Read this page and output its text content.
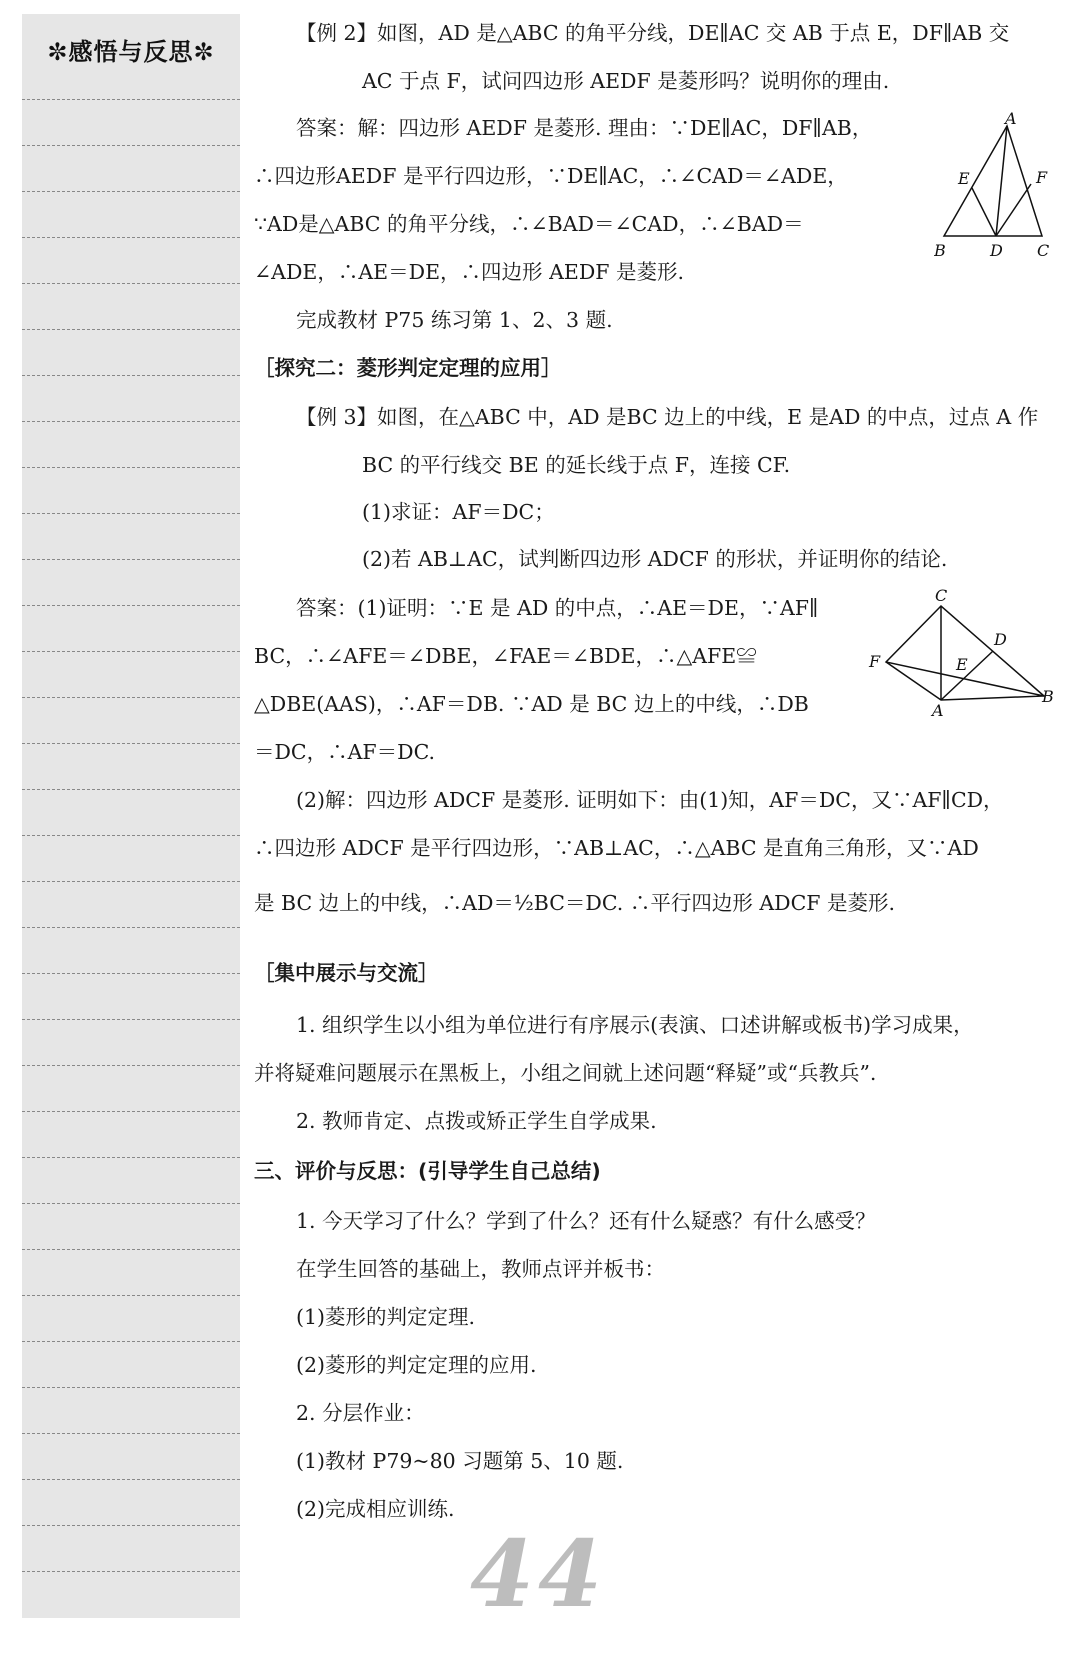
✼感悟与反思✼
【例 2】如图，AD 是△ABC 的角平分线，DE∥AC 交 AB 于点 E，DF∥AB 交
AC 于点 F，试问四边形 AEDF 是菱形吗？说明你的理由.
答案：解：四边形 AEDF 是菱形. 理由：∵DE∥AC，DF∥AB，
∴四边形AEDF 是平行四边形，∵DE∥AC，∴∠CAD＝∠ADE，
∵AD是△ABC 的角平分线，∴∠BAD＝∠CAD，∴∠BAD＝
∠ADE，∴AE＝DE，∴四边形 AEDF 是菱形.
完成教材 P75 练习第 1、2、3 题.
［探究二：菱形判定定理的应用］
【例 3】如图，在△ABC 中，AD 是BC 边上的中线，E 是AD 的中点，过点 A 作
BC 的平行线交 BE 的延长线于点 F，连接 CF.
(1)求证：AF＝DC；
(2)若 AB⊥AC，试判断四边形 ADCF 的形状，并证明你的结论.
答案：(1)证明：∵E 是 AD 的中点，∴AE＝DE，∵AF∥
BC，∴∠AFE＝∠DBE，∠FAE＝∠BDE，∴△AFE≌
△DBE(AAS)，∴AF＝DB. ∵AD 是 BC 边上的中线，∴DB
＝DC，∴AF＝DC.
(2)解：四边形 ADCF 是菱形. 证明如下：由(1)知，AF＝DC，又∵AF∥CD，
∴四边形 ADCF 是平行四边形，∵AB⊥AC，∴△ABC 是直角三角形，又∵AD
是 BC 边上的中线，∴AD＝½BC＝DC. ∴平行四边形 ADCF 是菱形.
［集中展示与交流］
1. 组织学生以小组为单位进行有序展示(表演、口述讲解或板书)学习成果，
并将疑难问题展示在黑板上，小组之间就上述问题“释疑”或“兵教兵”.
2. 教师肯定、点拨或矫正学生自学成果.
三、评价与反思：(引导学生自己总结)
1. 今天学习了什么？学到了什么？还有什么疑惑？有什么感受？
在学生回答的基础上，教师点评并板书：
(1)菱形的判定定理.
(2)菱形的判定定理的应用.
2. 分层作业：
(1)教材 P79~80 习题第 5、10 题.
(2)完成相应训练.
A
E	F
B	D C
C
D
F	E
A
B
44
